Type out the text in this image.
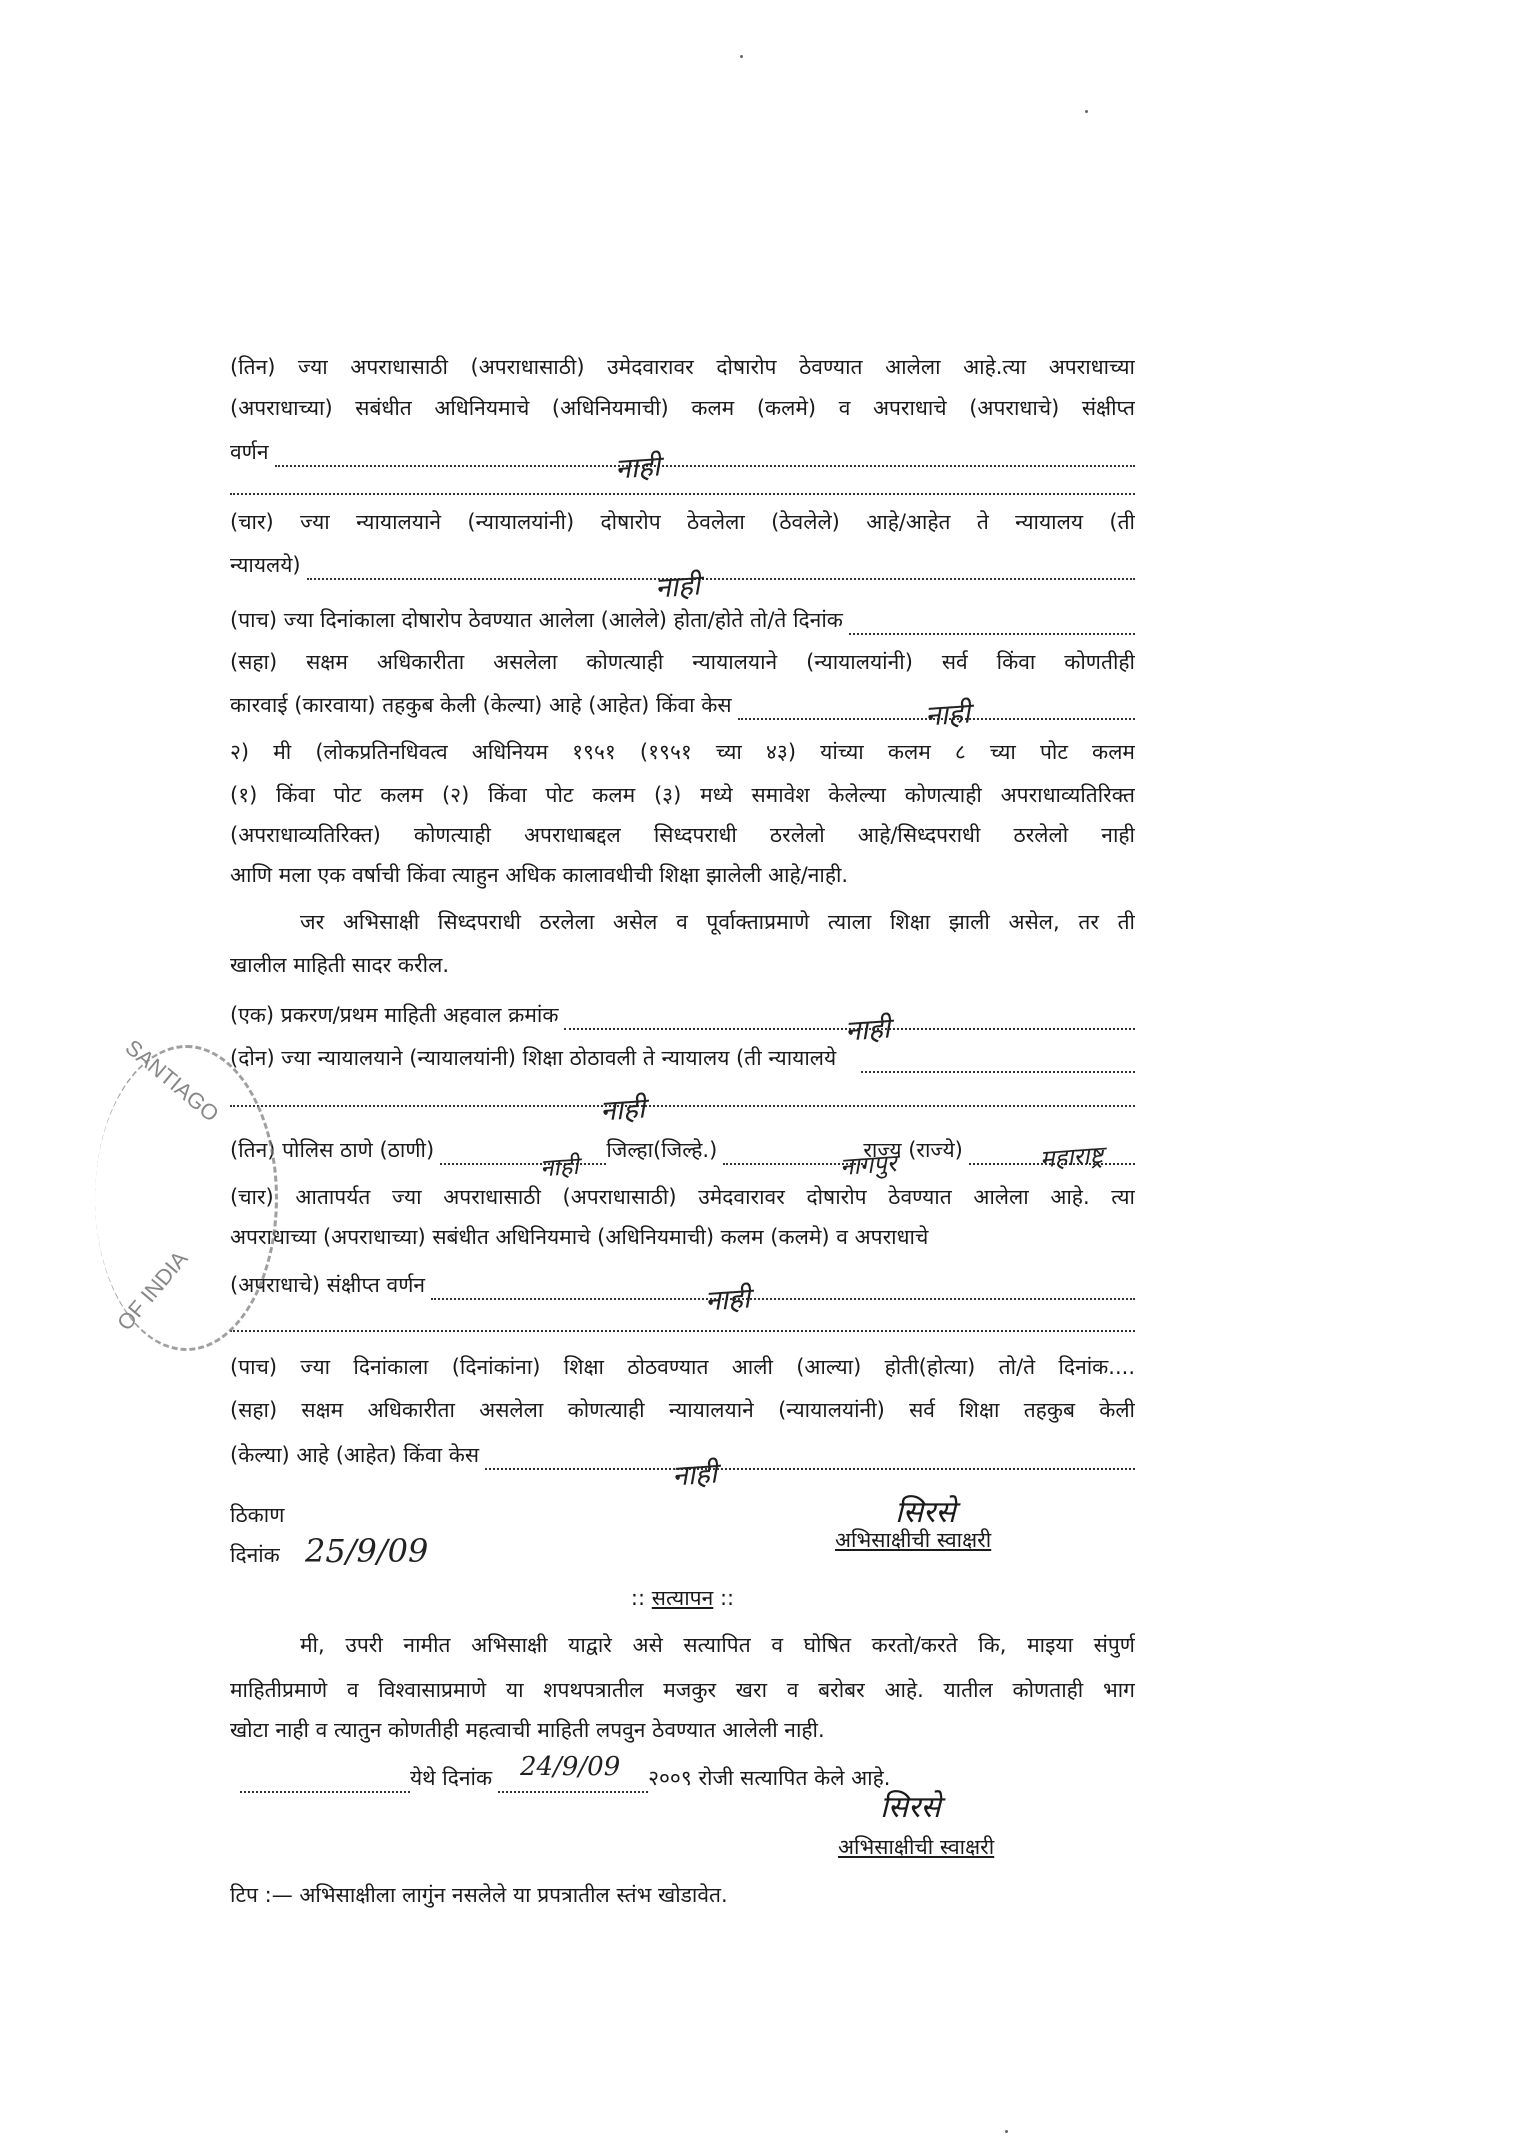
(तिन) ज्या अपराधासाठी (अपराधासाठी) उमेदवारावर दोषारोप ठेवण्यात आलेला आहे.त्या अपराधाच्या
(अपराधाच्या) सबंधीत अधिनियमाचे (अधिनियमाची) कलम (कलमे) व अपराधाचे (अपराधाचे) संक्षीप्त
वर्णन	नाही
(चार) ज्या न्यायालयाने (न्यायालयांनी) दोषारोप ठेवलेला (ठेवलेले) आहे/आहेत ते न्यायालय (ती
न्यायलये)
नाही
(पाच) ज्या दिनांकाला दोषारोप ठेवण्यात आलेला (आलेले) होता/होते तो/ते दिनांक
(सहा) सक्षम अधिकारीता असलेला कोणत्याही न्यायालयाने (न्यायालयांनी) सर्व किंवा कोणतीही
कारवाई (कारवाया) तहकुब केली (केल्या) आहे (आहेत) किंवा केस	नाही
२) मी (लोकप्रतिनधिवत्व अधिनियम १९५१ (१९५१ च्या ४३) यांच्या कलम ८ च्या पोट कलम
(१) किंवा पोट कलम (२) किंवा पोट कलम (३) मध्ये समावेश केलेल्या कोणत्याही अपराधाव्यतिरिक्त
(अपराधाव्यतिरिक्त) कोणत्याही अपराधाबद्दल सिध्दपराधी ठरलेलो आहे/सिध्दपराधी ठरलेलो नाही
आणि मला एक वर्षाची किंवा त्याहुन अधिक कालावधीची शिक्षा झालेली आहे/नाही.
जर अभिसाक्षी सिध्दपराधी ठरलेला असेल व पूर्वाक्ताप्रमाणे त्याला शिक्षा झाली असेल, तर ती
खालील माहिती सादर करील.
(एक) प्रकरण/प्रथम माहिती अहवाल क्रमांक	नाही
(दोन) ज्या न्यायालयाने (न्यायालयांनी) शिक्षा ठोठावली ते न्यायालय (ती न्यायालये
नाही
(तिन) पोलिस ठाणे (ठाणी)	जिल्हा(जिल्हे.)	राज्य (राज्ये)
नाही	नागपुर	महाराष्ट्र
(चार) आतापर्यत ज्या अपराधासाठी (अपराधासाठी) उमेदवारावर दोषारोप ठेवण्यात आलेला आहे. त्या
अपराधाच्या (अपराधाच्या) सबंधीत अधिनियमाचे (अधिनियमाची) कलम (कलमे) व अपराधाचे
(अपराधाचे) संक्षीप्त वर्णन	नाही
(पाच) ज्या दिनांकाला (दिनांकांना) शिक्षा ठोठवण्यात आली (आल्या) होती(होत्या) तो/ते दिनांक....
(सहा) सक्षम अधिकारीता असलेला कोणत्याही न्यायालयाने (न्यायालयांनी) सर्व शिक्षा तहकुब केली
(केल्या) आहे (आहेत) किंवा केस
नाही
ठिकाण
दिनांक 25/9/09
सिरसे
अभिसाक्षीची स्वाक्षरी
:: सत्यापन ::
मी, उपरी नामीत अभिसाक्षी याद्वारे असे सत्यापित व घोषित करतो/करते कि, माइया संपुर्ण
माहितीप्रमाणे व विश्वासाप्रमाणे या शपथपत्रातील मजकुर खरा व बरोबर आहे. यातील कोणताही भाग
खोटा नाही व त्यातुन कोणतीही महत्वाची माहिती लपवुन ठेवण्यात आलेली नाही.
येथे दिनांक	२००९ रोजी सत्यापित केले आहे.
24/9/09
सिरसे
अभिसाक्षीची स्वाक्षरी
टिप :— अभिसाक्षीला लागुंन नसलेले या प्रपत्रातील स्तंभ खोडावेत.
SANTIAGO
OF INDIA
